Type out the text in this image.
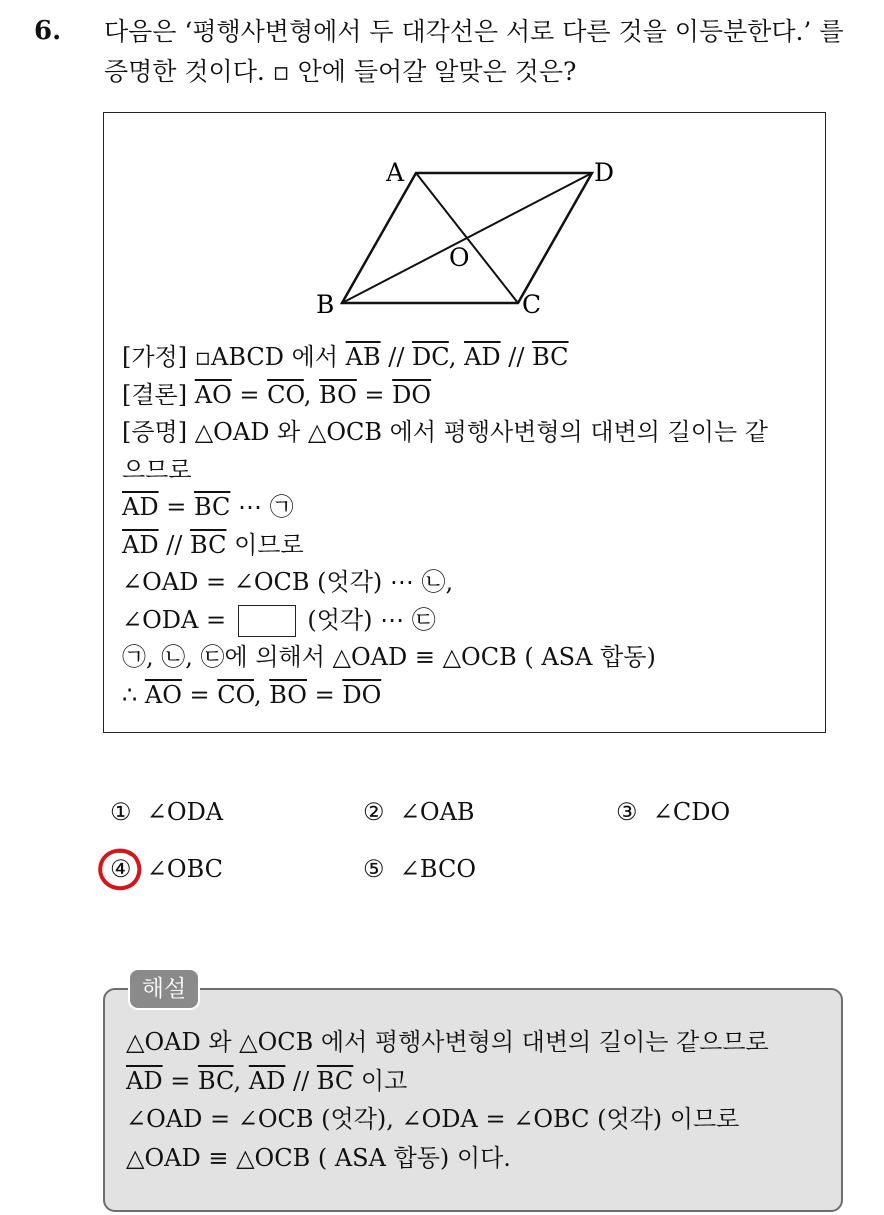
6. 다음은 ‘평행사변형에서 두 대각선은 서로 다른 것을 이등분한다.’ 를
증명한 것이다. ▫ 안에 들어갈 알맞은 것은?
A	D
B	C
O
[가정] ▫ABCD 에서 $\overline{AB} // \overline{DC}$, $\overline{AD} // \overline{BC}$
[결론] $\overline{AO} = \overline{CO}$, $\overline{BO} = \overline{DO}$
[증명] △OAD 와 △OCB 에서 평행사변형의 대변의 길이는 같
으므로
$\overline{AD} = \overline{BC}$ ⋯ ㉠
$\overline{AD} // \overline{BC}$ 이므로
∠OAD = ∠OCB (엇각) ⋯ ㉡,
∠ODA =	(엇각) ⋯ ㉢
㉠, ㉡, ㉢에 의해서 △OAD ≡ △OCB ( ASA 합동)
∴ $\overline{AO} = \overline{CO}$, $\overline{BO} = \overline{DO}$
① ∠ODA	② ∠OAB	③ ∠CDO
④ ∠OBC	⑤ ∠BCO
△OAD 와 △OCB 에서 평행사변형의 대변의 길이는 같으므로
$\overline{AD} = \overline{BC}$, $\overline{AD} // \overline{BC}$ 이고
∠OAD = ∠OCB (엇각), ∠ODA = ∠OBC (엇각) 이므로
△OAD ≡ △OCB ( ASA 합동) 이다.
해설
